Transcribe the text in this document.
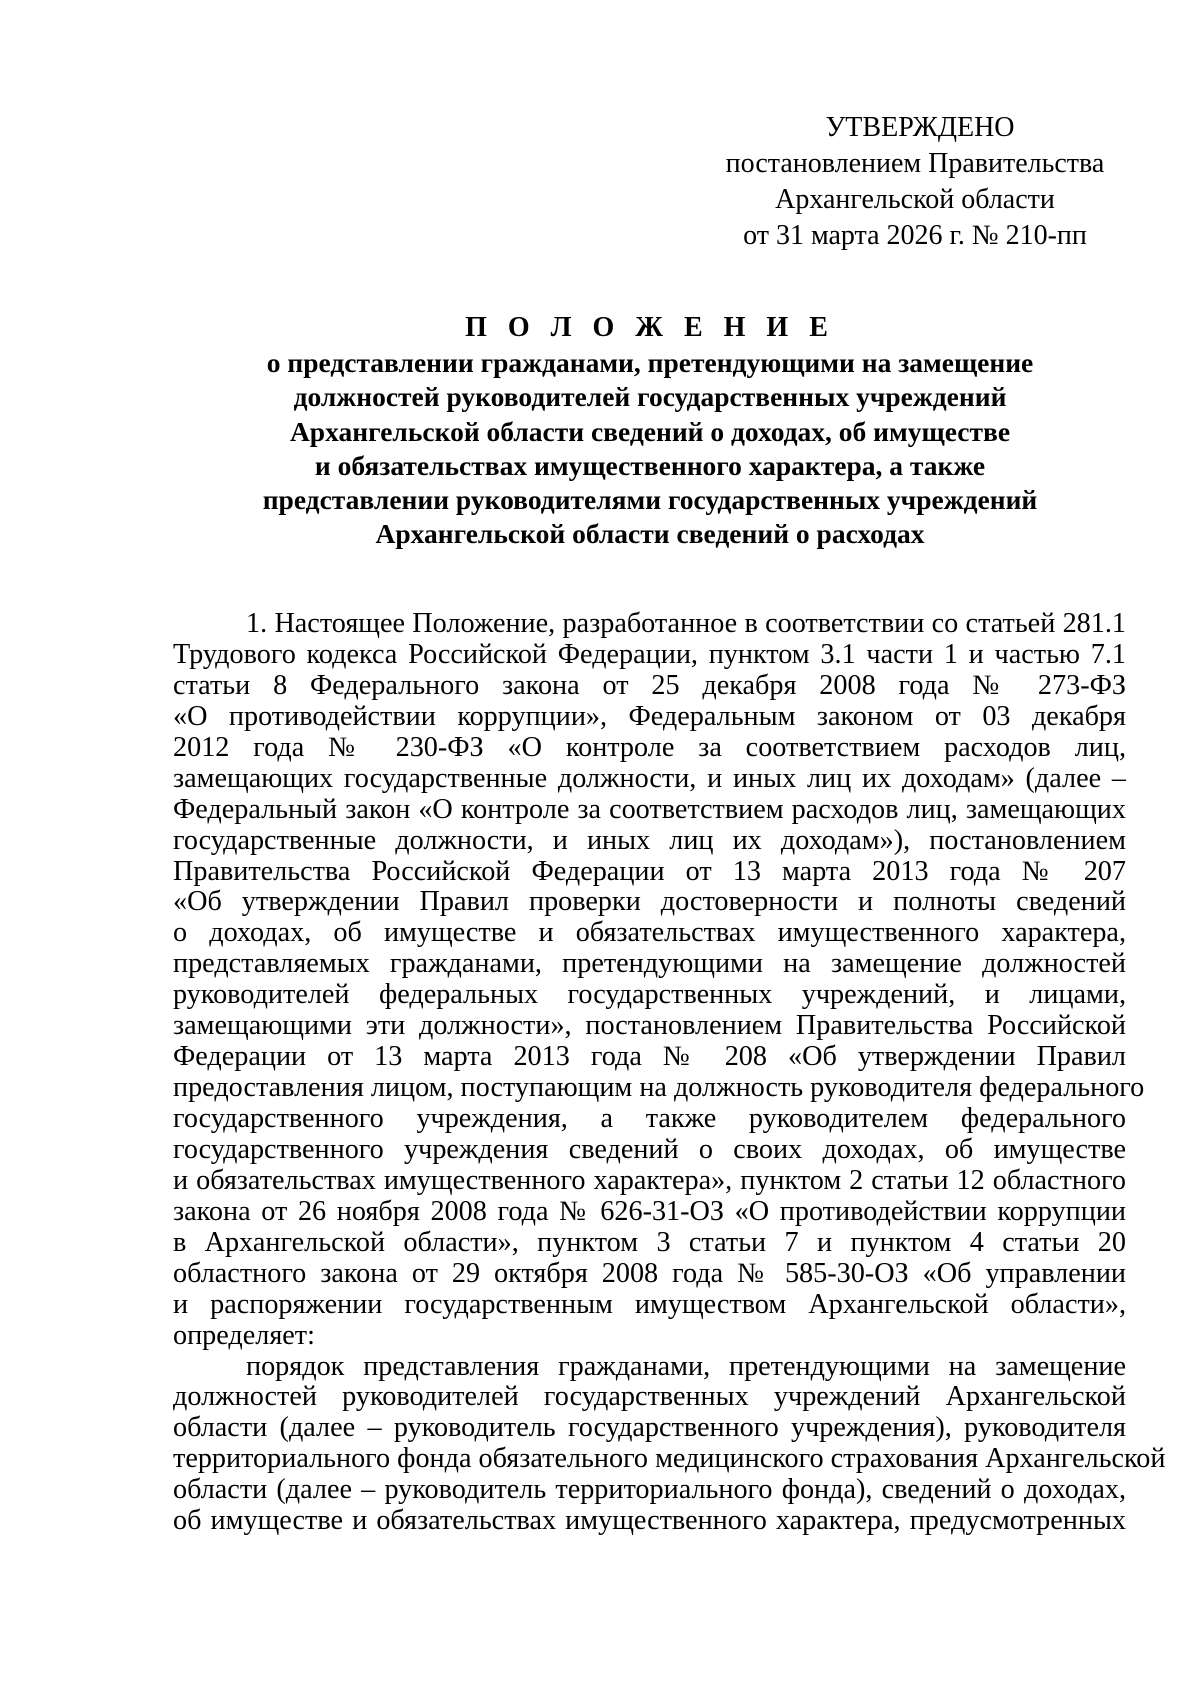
УТВЕРЖДЕНО
постановлением Правительства
Архангельской области
от 31 марта 2026 г. № 210-пп
П О Л О Ж Е Н И Е
о представлении гражданами, претендующими на замещение
должностей руководителей государственных учреждений
Архангельской области сведений о доходах, об имуществе
и обязательствах имущественного характера, а также
представлении руководителями государственных учреждений
Архангельской области сведений о расходах
1. Настоящее Положение, разработанное в соответствии со статьей 281.1
Трудового кодекса Российской Федерации, пунктом 3.1 части 1 и частью 7.1
статьи 8 Федерального закона от 25 декабря 2008 года № 273-ФЗ
«О противодействии коррупции», Федеральным законом от 03 декабря
2012 года № 230-ФЗ «О контроле за соответствием расходов лиц,
замещающих государственные должности, и иных лиц их доходам» (далее –
Федеральный закон «О контроле за соответствием расходов лиц, замещающих
государственные должности, и иных лиц их доходам»), постановлением
Правительства Российской Федерации от 13 марта 2013 года № 207
«Об утверждении Правил проверки достоверности и полноты сведений
о доходах, об имуществе и обязательствах имущественного характера,
представляемых гражданами, претендующими на замещение должностей
руководителей федеральных государственных учреждений, и лицами,
замещающими эти должности», постановлением Правительства Российской
Федерации от 13 марта 2013 года № 208 «Об утверждении Правил
предоставления лицом, поступающим на должность руководителя федерального
государственного учреждения, а также руководителем федерального
государственного учреждения сведений о своих доходах, об имуществе
и обязательствах имущественного характера», пунктом 2 статьи 12 областного
закона от 26 ноября 2008 года № 626-31-ОЗ «О противодействии коррупции
в Архангельской области», пунктом 3 статьи 7 и пунктом 4 статьи 20
областного закона от 29 октября 2008 года № 585-30-ОЗ «Об управлении
и распоряжении государственным имуществом Архангельской области»,
определяет:
порядок представления гражданами, претендующими на замещение
должностей руководителей государственных учреждений Архангельской
области (далее – руководитель государственного учреждения), руководителя
территориального фонда обязательного медицинского страхования Архангельской
области (далее – руководитель территориального фонда), сведений о доходах,
об имуществе и обязательствах имущественного характера, предусмотренных
